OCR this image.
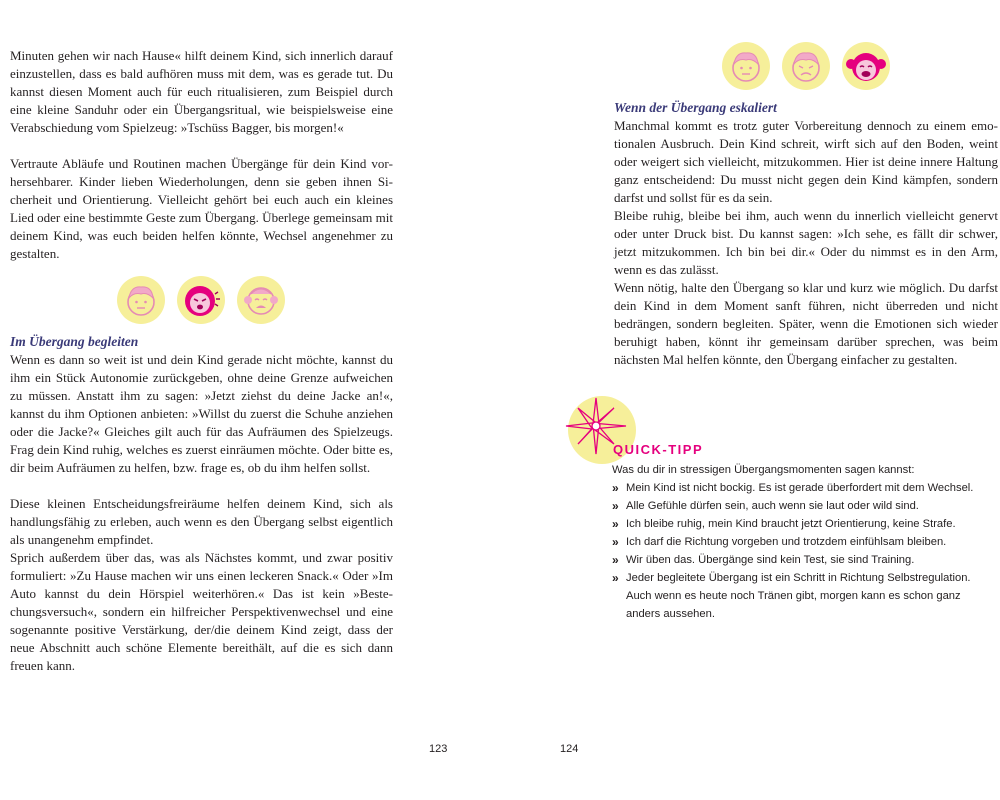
Minuten gehen wir nach Hause« hilft deinem Kind, sich innerlich darauf einzustellen, dass es bald aufhören muss mit dem, was es gerade tut. Du kannst diesen Moment auch für euch ritualisieren, zum Beispiel durch eine kleine Sanduhr oder ein Übergangsritual, wie beispielsweise eine Verabschiedung vom Spielzeug: »Tschüss Bagger, bis morgen!«

Vertraute Abläufe und Routinen machen Übergänge für dein Kind vorhersehbarer. Kinder lieben Wiederholungen, denn sie geben ihnen Sicherheit und Orientierung. Vielleicht gehört bei euch auch ein kleines Lied oder eine bestimmte Geste zum Übergang. Überlege gemeinsam mit deinem Kind, was euch beiden helfen könnte, Wechsel angenehmer zu gestalten.

Im Übergang begleiten

Wenn es dann so weit ist und dein Kind gerade nicht möchte, kannst du ihm ein Stück Autonomie zurückgeben, ohne deine Grenze aufweichen zu müssen. Anstatt ihm zu sagen: »Jetzt ziehst du deine Jacke an!«, kannst du ihm Optionen anbieten: »Willst du zuerst die Schuhe anziehen oder die Jacke?« Gleiches gilt auch für das Aufräumen des Spielzeugs. Frag dein Kind ruhig, welches es zuerst einräumen möchte. Oder bitte es, dir beim Aufräumen zu helfen, bzw. frage es, ob du ihm helfen sollst.

Diese kleinen Entscheidungsfreiräume helfen deinem Kind, sich als handlungsfähig zu erleben, auch wenn es den Übergang selbst eigentlich als unangenehm empfindet.

Sprich außerdem über das, was als Nächstes kommt, und zwar positiv formuliert: »Zu Hause machen wir uns einen leckeren Snack.« Oder »Im Auto kannst du dein Hörspiel weiterhören.« Das ist kein »Bestechungsversuch«, sondern ein hilfreicher Perspektivenwechsel und eine sogenannte positive Verstärkung, der/die deinem Kind zeigt, dass der neue Abschnitt auch schöne Elemente bereithält, auf die es sich dann freuen kann.

123
Wenn der Übergang eskaliert

Manchmal kommt es trotz guter Vorbereitung dennoch zu einem emotionalen Ausbruch. Dein Kind schreit, wirft sich auf den Boden, weint oder weigert sich vielleicht, mitzukommen. Hier ist deine innere Haltung ganz entscheidend: Du musst nicht gegen dein Kind kämpfen, sondern darfst und sollst für es da sein.

Bleibe ruhig, bleibe bei ihm, auch wenn du innerlich vielleicht genervt oder unter Druck bist. Du kannst sagen: »Ich sehe, es fällt dir schwer, jetzt mitzukommen. Ich bin bei dir.« Oder du nimmst es in den Arm, wenn es das zulässt.

Wenn nötig, halte den Übergang so klar und kurz wie möglich. Du darfst dein Kind in dem Moment sanft führen, nicht überreden und nicht bedrängen, sondern begleiten. Später, wenn die Emotionen sich wieder beruhigt haben, könnt ihr gemeinsam darüber sprechen, was beim nächsten Mal helfen könnte, den Übergang einfacher zu gestalten.

QUICK-TIPP

Was du dir in stressigen Übergangsmomenten sagen kannst:

» Mein Kind ist nicht bockig. Es ist gerade überfordert mit dem Wechsel.
» Alle Gefühle dürfen sein, auch wenn sie laut oder wild sind.
» Ich bleibe ruhig, mein Kind braucht jetzt Orientierung, keine Strafe.
» Ich darf die Richtung vorgeben und trotzdem einfühlsam bleiben.
» Wir üben das. Übergänge sind kein Test, sie sind Training.
» Jeder begleitete Übergang ist ein Schritt in Richtung Selbstregulation. Auch wenn es heute noch Tränen gibt, morgen kann es schon ganz anders aussehen.
124
